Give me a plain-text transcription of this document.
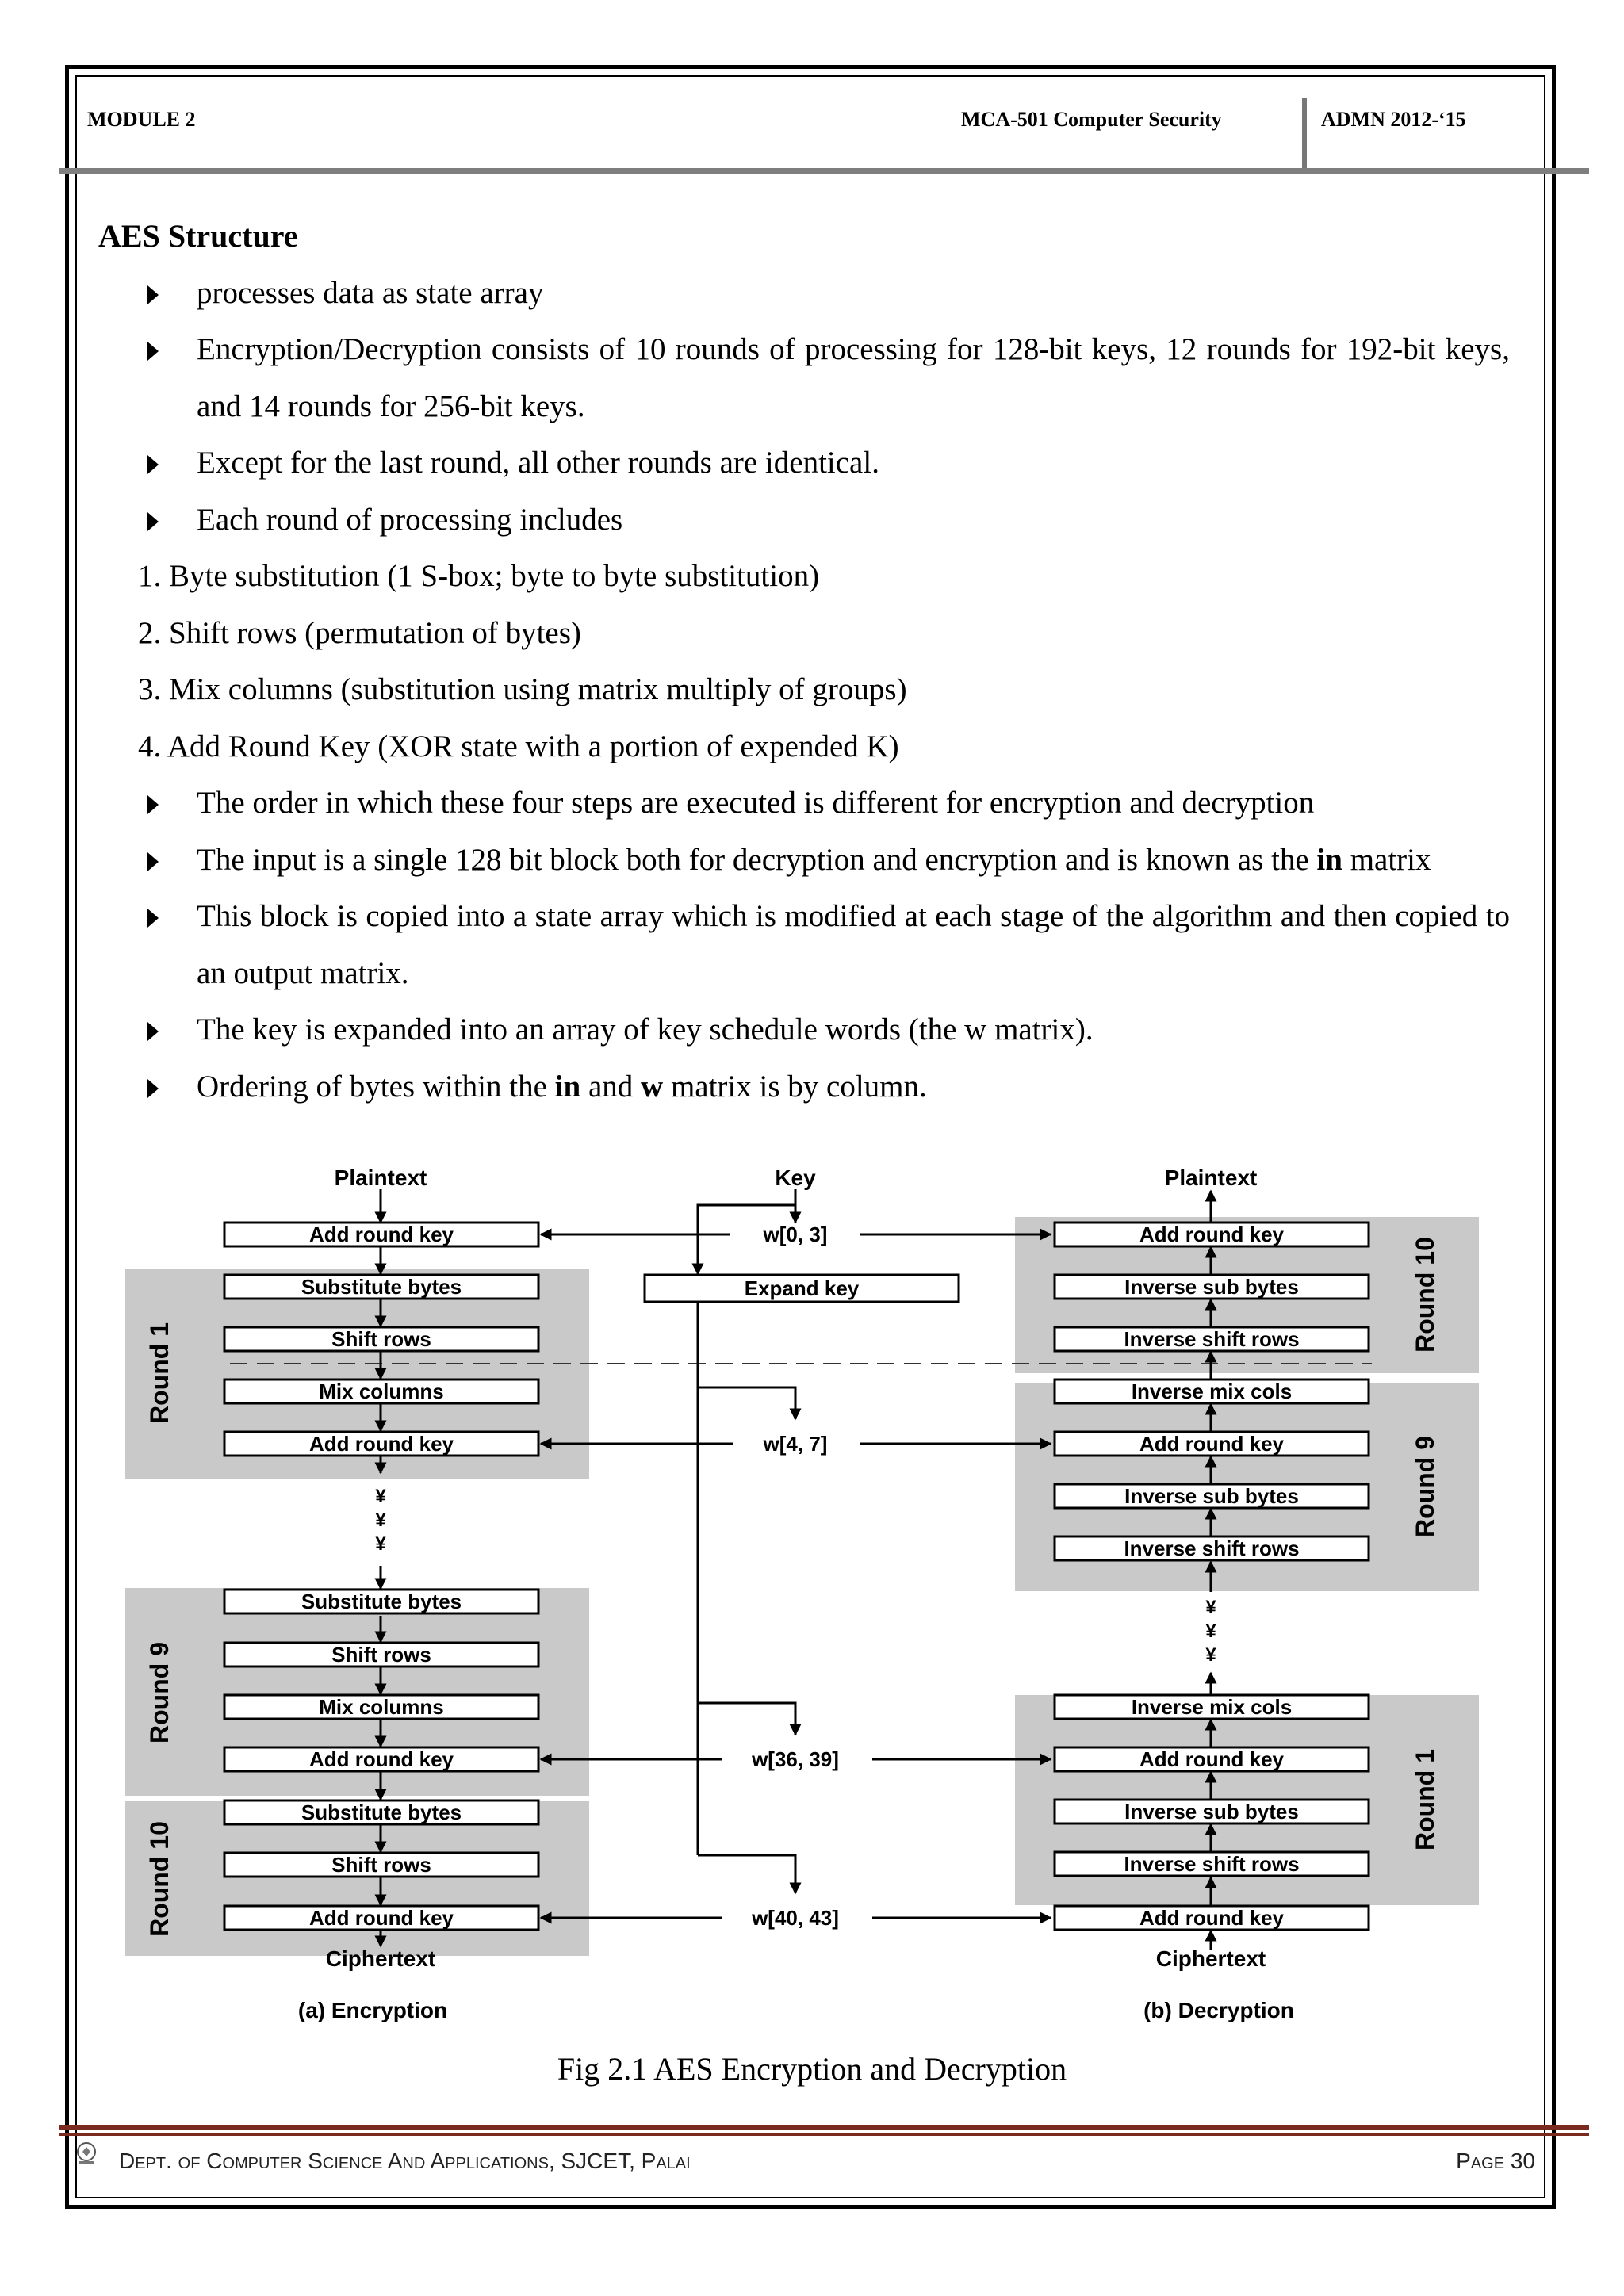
MODULE 2	MCA-501 Computer Security	ADMN 2012-‘15
AES Structure
processes data as state array
Encryption/Decryption consists of 10 rounds of processing for 128-bit keys, 12 rounds for 192-bit keys, and 14 rounds for 256-bit keys.
Except for the last round, all other rounds are identical.
Each round of processing includes
1. Byte substitution (1 S-box; byte to byte substitution)
2. Shift rows (permutation of bytes)
3. Mix columns (substitution using matrix multiply of groups)
4. Add Round Key (XOR state with a portion of expended K)
The order in which these four steps are executed is different for encryption and decryption
The input is a single 128 bit block both for decryption and encryption and is known as the in matrix
This block is copied into a state array which is modified at each stage of the algorithm and then copied to an output matrix.
The key is expanded into an array of key schedule words (the w matrix).
Ordering of bytes within the in and w matrix is by column.
Round 1
Round 9
Round 10
Round 10
Round 9
Round 1
Plaintext
¥
¥
¥
Ciphertext
(a) Encryption
Add round key
Substitute bytes
Shift rows
Mix columns
Add round key
Substitute bytes
Shift rows
Mix columns
Add round key
Substitute bytes
Shift rows
Add round key
Key
Expand key
w[0, 3]
w[4, 7]
w[36, 39]
w[40, 43]
Plaintext
¥
¥
¥
Ciphertext
(b) Decryption
Add round key
Inverse sub bytes
Inverse shift rows
Inverse mix cols
Add round key
Inverse sub bytes
Inverse shift rows
Inverse mix cols
Add round key
Inverse sub bytes
Inverse shift rows
Add round key
Fig 2.1 AES Encryption and Decryption
Dept. of Computer Science And Applications, SJCET, Palai	Page 30
